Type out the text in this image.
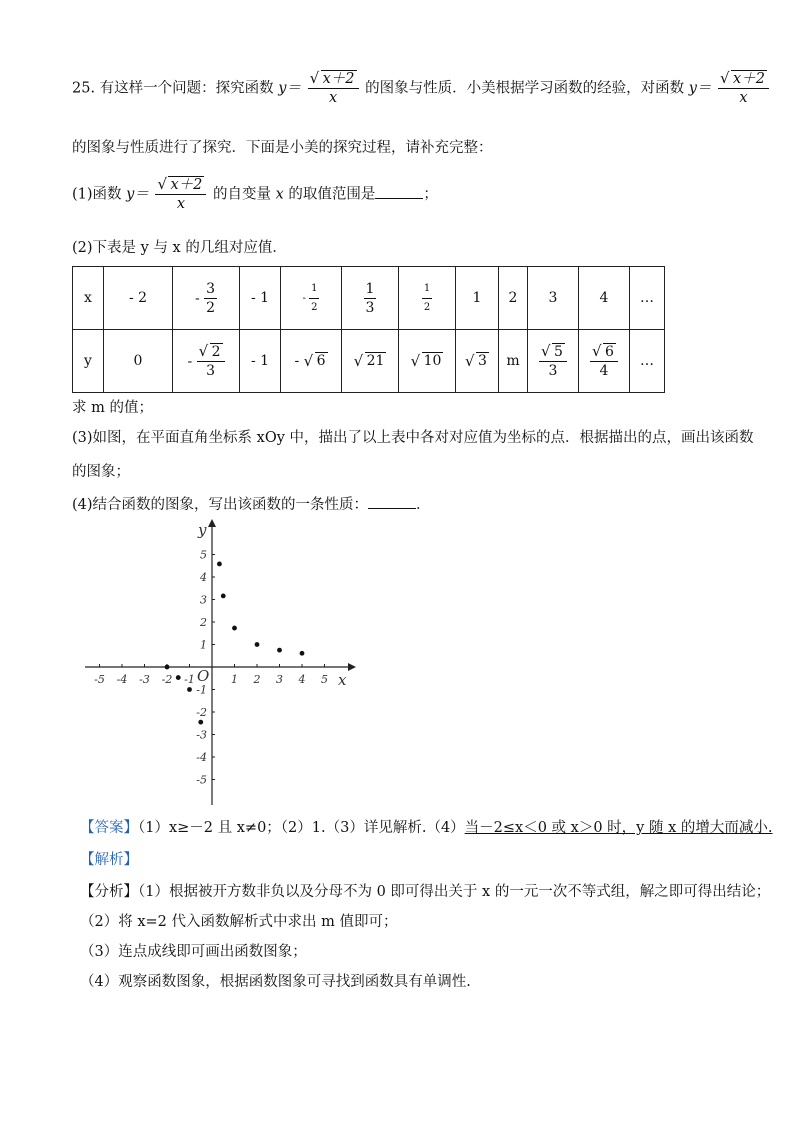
25. 有这样一个问题：探究函数 $y= \frac{√ x+2}{x}$ 的图象与性质．小美根据学习函数的经验，对函数 $y= \frac{√ x+2}{x}$
的图象与性质进行了探究．下面是小美的探究过程，请补充完整：
(1)函数 $y= \frac{√ x+2}{x}$ 的自变量 x 的取值范围是	；
(2)下表是 y 与 x 的几组对应值．
x	- 2	- $\frac{3}{2}$	- 1	- $\frac{1}{2}$	$\frac{1}{3}$	$\frac{1}{2}$	1	2	3	4	…
y	0	- $\frac{√ 2}{3}$	- 1	- √ 6	√ 21	√ 10	√ 3	m	$\frac{√ 5}{3}$	$\frac{√ 6}{4}$	…
求 m 的值；
(3)如图，在平面直角坐标系 xOy 中，描出了以上表中各对对应值为坐标的点．根据描出的点，画出该函数
的图象；
(4)结合函数的图象，写出该函数的一条性质：	．
-5 -4 -3 -2 -1	1 2 3 4 5
5
4
3
2
1
-1
-2
-3
-4
-5
y
x
O
【答案】（1）x≥－2 且 x≠0；（2）1.（3）详见解析.（4）当－2≤x＜0 或 x＞0 时，y 随 x 的增大而减小.
【解析】
【分析】（1）根据被开方数非负以及分母不为 0 即可得出关于 x 的一元一次不等式组，解之即可得出结论；
（2）将 x=2 代入函数解析式中求出 m 值即可；
（3）连点成线即可画出函数图象；
（4）观察函数图象，根据函数图象可寻找到函数具有单调性.
